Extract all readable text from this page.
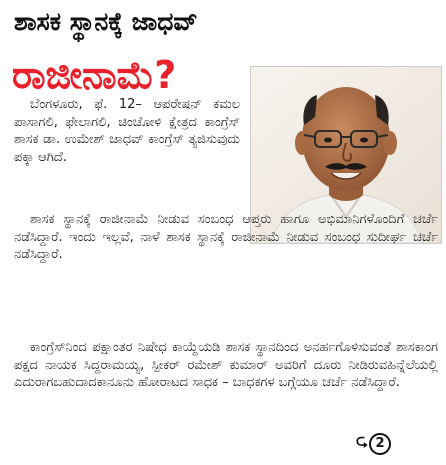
ಶಾಸಕ ಸ್ಥಾನಕ್ಕೆ ಜಾಧವ್
ರಾಜೀನಾಮೆ?
ಬೆಂಗಳೂರು, ಫೆ. 12– ಆಪರೇಷನ್ ಕಮಲ ಪಾಸಾಗಲಿ, ಫೇಲಾಗಲಿ, ಚಿಂಚೋಳಿ ಕ್ಷೇತ್ರದ ಕಾಂಗ್ರೆಸ್ ಶಾಸಕ ಡಾ. ಉಮೇಶ್ ಜಾಧವ್ ಕಾಂಗ್ರೆಸ್ ತ್ಯಜಿಸುವುದು ಪಕ್ಕಾ ಆಗಿದೆ.
ಶಾಸಕ ಸ್ಥಾನಕ್ಕೆ ರಾಜೀನಾಮೆ ನೀಡುವ ಸಂಬಂಧ ಆಪ್ತರು ಹಾಗೂ ಅಭಿಮಾನಿಗಳೊಂದಿಗೆ ಚರ್ಚೆ ನಡೆಸಿದ್ದಾರೆ. ಇಂದು ಇಲ್ಲವೆ, ನಾಳೆ ಶಾಸಕ ಸ್ಥಾನಕ್ಕೆ ರಾಜೀನಾಮೆ ನೀಡುವ ಸಂಬಂಧ ಸುದೀರ್ಘ ಚರ್ಚೆ ನಡೆಸಿದ್ದಾರೆ.
ಕಾಂಗ್ರೆಸ್‌ನಿಂದ ಪಕ್ಷಾಂತರ ನಿಷೇಧ ಕಾಯ್ದೆಯಡಿ ಶಾಸಕ ಸ್ಥಾನದಿಂದ ಅನರ್ಹಗೊಳಿಸುವಂತೆ ಶಾಸಕಾಂಗ ಪಕ್ಷದ ನಾಯಕ ಸಿದ್ದರಾಮಯ್ಯ, ಸ್ಪೀಕರ್ ರಮೇಶ್ ಕುಮಾರ್ ಅವರಿಗೆ ದೂರು ನೀಡಿರುವಹಿನ್ನೆಲೆಯಲ್ಲಿ ಎದುರಾಗಬಹುದಾದಕಾನೂನು ಹೋರಾಟದ ಸಾಧಕ – ಬಾಧಕಗಳ ಬಗ್ಗೆಯೂ ಚರ್ಚೆ ನಡೆಸಿದ್ದಾರೆ.
⮌ 2
